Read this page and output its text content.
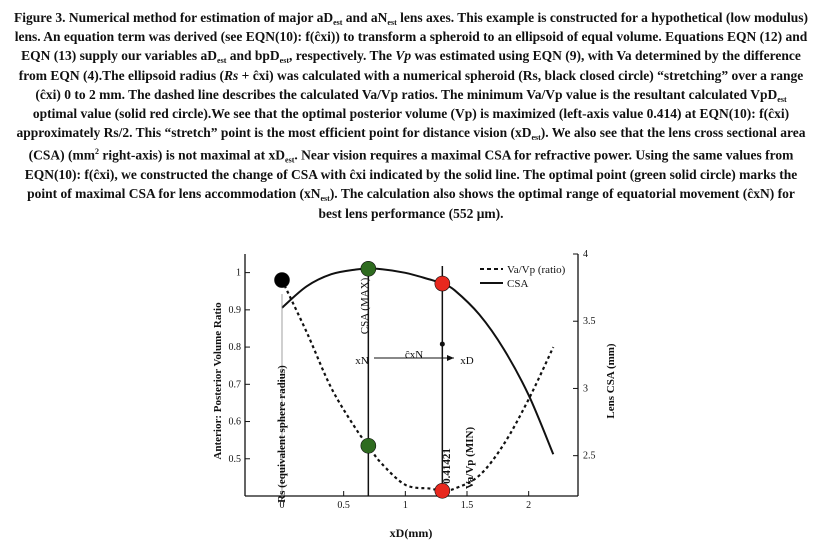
Figure 3. Numerical method for estimation of major $aD_{est}$ and $aN_{est}$ lens axes. This example is constructed for a hypothetical (low modulus) lens. An equation term was derived (see EQN(10): f(ĉxi)) to transform a spheroid to an ellipsoid of equal volume. Equations EQN (12) and EQN (13) supply our variables $aD_{est}$ and bpD$_{est}$, respectively. The Vp was estimated using EQN (9), with Va determined by the difference from EQN (4).The ellipsoid radius (Rs + ĉxi) was calculated with a numerical spheroid (Rs, black closed circle) “stretching” over a range (ĉxi) 0 to 2 mm. The dashed line describes the calculated Va/Vp ratios. The minimum Va/Vp value is the resultant calculated VpD$_{est}$ optimal value (solid red circle).We see that the optimal posterior volume (Vp) is maximized (left-axis value 0.414) at EQN(10): f(ĉxi) approximately Rs/2. This “stretch” point is the most efficient point for distance vision $(xD_{est})$. We also see that the lens cross sectional area (CSA) ($mm^2$ right-axis) is not maximal at $xD_{est}$. Near vision requires a maximal CSA for refractive power. Using the same values from EQN(10): f(ĉxi), we constructed the change of CSA with ĉxi indicated by the solid line. The optimal point (green solid circle) marks the point of maximal CSA for lens accommodation $(xN_{est})$. The calculation also shows the optimal range of equatorial movement (ĉxN) for best lens performance (552 μm).
0	0.5	1	1.5	2
0.5
0.6
0.7
0.8
0.9
1
2.5
3
3.5
4
xD(mm)
Anterior: Posterior Volume Ratio	Lens CSA (mm)
Rs (equivalent sphere radius)
CSA (MAX)
xN	ĉxN	xD
Va/Vp (MIN)
0.41421
Va/Vp (ratio)
CSA
